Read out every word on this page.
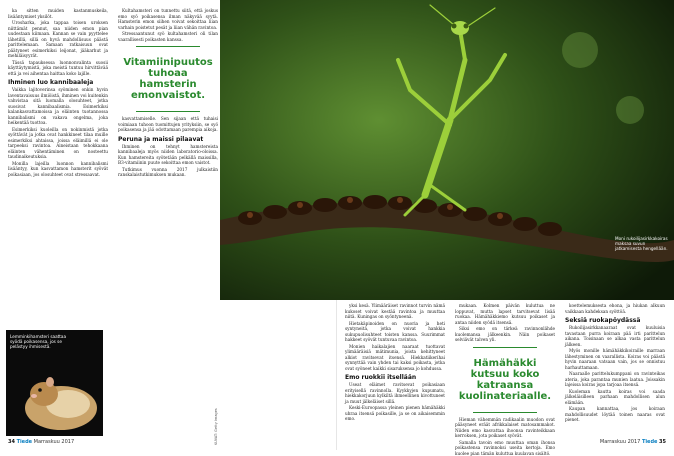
ka sitten muiden kastanmuskeila, lisääntymiset yksilöt.

Urosharka, joka tappaa toisen uroksen niittämät pennut, saa niiden emon pian uudestaan kiimaan. Kannan se vain pyyttelee lähetillä, sillä on hyvä mahdollisuus päästä parittelemaan. Samaan ratkaisuun ovat päätyneet esimerkiksi leijonat, jääkarhut ja mehiläisyyrät.

Tässä tapauksessa luonnonvalinta suosii käyttäytymistä, joka meistä tuntuu hirvittävää että ja vei aihentaa haittaa koko lajille.

Ihminen luo kannibaaleja

Vaikka lajitoverinsa syöminen onkin hyvin laventavaisuus ilmiöistä, ihminen voi kuitenkin vahvistaa sitä luomalla olosuhteet, jotka suosivat kannibaalismia. Esimerkiksi kalankasvattamoissa ja eläinten tuotannossa kannibalismi on vakava ongelma, joka heikentää tuottoa.

Esimerkiksi kuoleilla on nokinmistä jotka syöttävät ja jotka ovat hankkineet tilaa muille esimerkiksi ahtaissa, joissa eläimillä ei ole tarpeeksi ravintoa. Aineistaan tehokkaana eläinten vähentäminen on nosteettu taudinaikeutuksia.

Monilla lajeilla luonnon kannibalismi lisääntyy, kun kasvattamon hamsterit syövät poikasiaan, jos olosuhteet ovat stressaavat.

Kultahamsteri on tunnettu siitä, että joskus emo syö poikasensa ilman näkyvää syytä. Hamsterin emon siihen voivat sekoittaa liian varhain poistetut pesät ja liian vähän ravintoa.

Stressaantunut syö kultahamsteri oli tilan vaarallisesti poikasten kanssa.

Vitamiinipuutos tuhoaa hamsterin emonvaistot.

kasvattamiselle. Sen sijaan että tuhaisi voimiaan tuhoon tuomittujen yrityksiin, se syö poikasensa ja jää odottamaan parempia aikoja.

Peruna ja maissi pilaavat

Ihminen on tehnyt hamstereista kannibaaleja myös niiden laboratorio-oloissa. Kun hamstereita syötetään pelkällä maissilla, B3-vitamiinin puute sekoittaa emon vaistot.

Tutkimus vuonna 2017 julkaistiin ranskalaistutkimuksen mukaan.

Lemminkihamsteri saattaa syödä poikasensa, jos se pelästyy ihmisestä.
KUVAT: Getty Images
34 Tiede Marraskuu 2017
Moni rukoilijasirkkakoiras maksaa suvun jatkamisesta hengellään.

yksi kesä. Ylimääräiset ravinnot turvin nämä kukoset voivat kestää ravintoa ja muuttaa niitä. Kuningas on syöntyneenä.

Hietakäpinoiden on nuoria ja heti syntyneitä, jotka voivat hankkia sukupuolisuhteet toisten kanssa. Suurimmat hakkeet syövät tuntuvaa ravintoa.

Monien haikalajien naaraat tuottavat ylimääräisiä mätimunia, joista kehittyneet alkiot ravitsevat itsensä. Hiekkatiikerihai synnyttää vain yhden tai kaksi poikasta, jotka ovat syöneet kaikki sisaruksensa jo kohdussa.

Emo ruokkii itsellään

Useat eläimet ravitsevat poikasiaan erityisellä ravinnolla. Kyykkyjen kupumatu, hiekkakorjuun kylkiltä ihmeellinen kivottuneet ja muut jälkeläiset sillä.

Keski-Euroopassa yleinen pienen hämähäkki uhraa itsensä poikasille, ja se on aikaisemmin emo.

mukaan. Kolmen päivän kuluttua ne loppuvat, mutta lapset tarvitsevat lisää ruokaa. Hämähäkkiemo kutsuu poikaset ja antaa niiden syödä itsensä.

Siksi emo on tärkeä ravinnonlähde kuolemansa jälkeenkin. Näin poikaset selviävät talven yli.

Hämähäkki kutsuu koko katraansa kuolinateriaalle.

Hieman vähemmän radikaalin muodon ovat pääsyneet eräät afrikkalaiset matosammakot. Niiden emo kasvattaa ihoonsa ravinteikkaan kerroksen, jota poikaset syövät.

Samalla tavoin emo muuttaa oman ihonsa poikastensa ravinnoksi useita kertoja. Emo kuolee pian tämän kuluttua kuulavan sisältö.

koettelemuksesta ehona, ja hiukan alkuun vaikkaan kahdeksan syöttöä.

Seksiä ruokapöydässä

Rukoilijasirkkanaaraat ovat kuuluisia tavastaan purra koiraan pää irti parittelun aikana. Toisinaan se alkaa vasta parittelun jälkeen.

Myös monille hämähäkkikoiraille marraan lähestyminen on vaarallista. Koiras voi päästä hyvin naaraan vatsaan vain, jos se onnistuu harhauttamaan.

Naaraalle parittelukumppani on ravinteikas ateria, joka parantaa munien laatua. Joissakin lajeissa koiras jopa tarjoaa itsensä.

Kuoleman kautta koiras voi saada jälkeläisilleen parhaan mahdollisen alun elämään.

Kaupan kannattaa, jos koiraan mahdollisuudet löytää toinen naaras ovat pienet.

Marraskuu 2017 Tiede 35
